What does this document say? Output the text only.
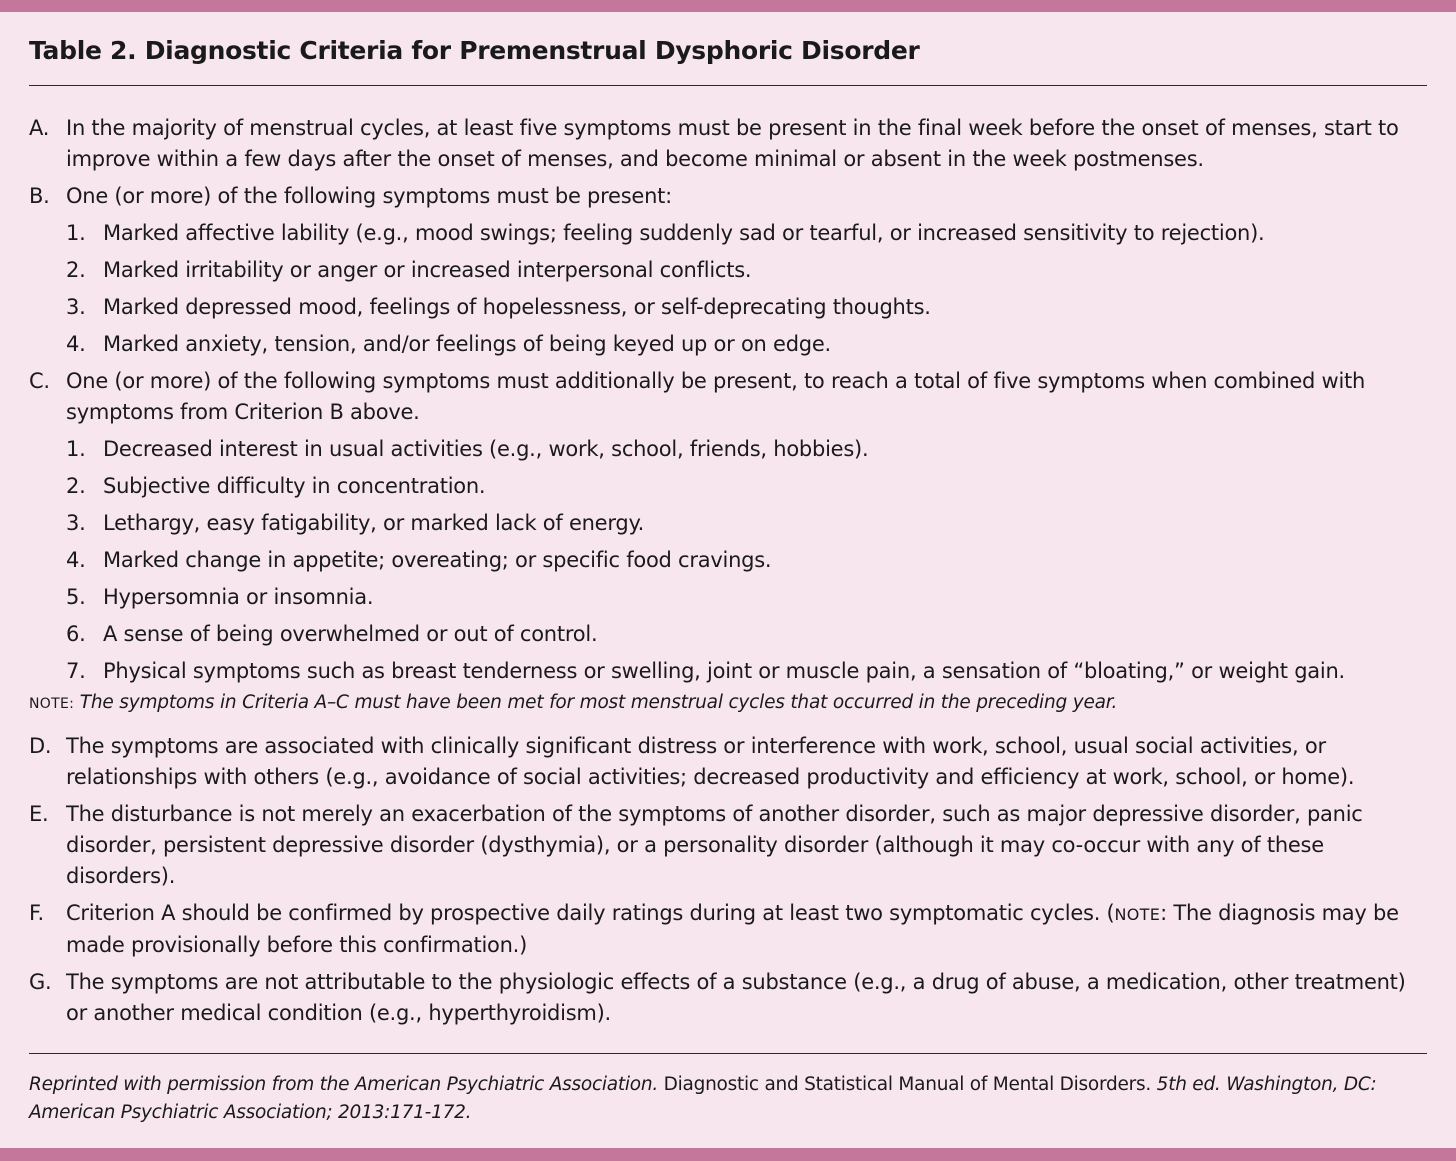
Table 2. Diagnostic Criteria for Premenstrual Dysphoric Disorder
A. In the majority of menstrual cycles, at least five symptoms must be present in the final week before the onset of menses, start to improve within a few days after the onset of menses, and become minimal or absent in the week postmenses.
B. One (or more) of the following symptoms must be present:
1. Marked affective lability (e.g., mood swings; feeling suddenly sad or tearful, or increased sensitivity to rejection).
2. Marked irritability or anger or increased interpersonal conflicts.
3. Marked depressed mood, feelings of hopelessness, or self-deprecating thoughts.
4. Marked anxiety, tension, and/or feelings of being keyed up or on edge.
C. One (or more) of the following symptoms must additionally be present, to reach a total of five symptoms when combined with symptoms from Criterion B above.
1. Decreased interest in usual activities (e.g., work, school, friends, hobbies).
2. Subjective difficulty in concentration.
3. Lethargy, easy fatigability, or marked lack of energy.
4. Marked change in appetite; overeating; or specific food cravings.
5. Hypersomnia or insomnia.
6. A sense of being overwhelmed or out of control.
7. Physical symptoms such as breast tenderness or swelling, joint or muscle pain, a sensation of “bloating,” or weight gain.
NOTE: The symptoms in Criteria A–C must have been met for most menstrual cycles that occurred in the preceding year.
D. The symptoms are associated with clinically significant distress or interference with work, school, usual social activities, or relationships with others (e.g., avoidance of social activities; decreased productivity and efficiency at work, school, or home).
E. The disturbance is not merely an exacerbation of the symptoms of another disorder, such as major depressive disorder, panic disorder, persistent depressive disorder (dysthymia), or a personality disorder (although it may co-occur with any of these disorders).
F. Criterion A should be confirmed by prospective daily ratings during at least two symptomatic cycles. (NOTE: The diagnosis may be made provisionally before this confirmation.)
G. The symptoms are not attributable to the physiologic effects of a substance (e.g., a drug of abuse, a medication, other treatment) or another medical condition (e.g., hyperthyroidism).
Reprinted with permission from the American Psychiatric Association. Diagnostic and Statistical Manual of Mental Disorders. 5th ed. Washington, DC: American Psychiatric Association; 2013:171-172.
